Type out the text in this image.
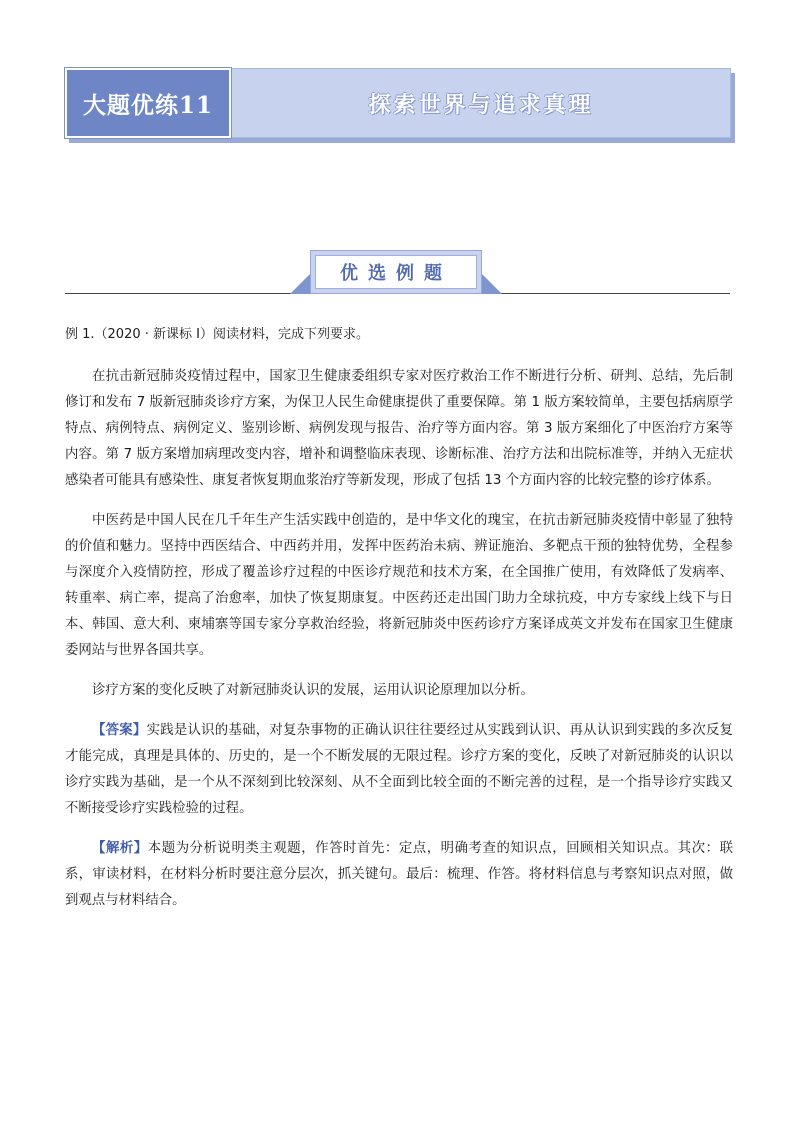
大题优练11	探索世界与追求真理
优选例题

例 1.（2020 · 新课标 I）阅读材料，完成下列要求。

在抗击新冠肺炎疫情过程中，国家卫生健康委组织专家对医疗救治工作不断进行分析、研判、总结，先后制修订和发布 7 版新冠肺炎诊疗方案，为保卫人民生命健康提供了重要保障。第 1 版方案较简单，主要包括病原学特点、病例特点、病例定义、鉴别诊断、病例发现与报告、治疗等方面内容。第 3 版方案细化了中医治疗方案等内容。第 7 版方案增加病理改变内容，增补和调整临床表现、诊断标准、治疗方法和出院标准等，并纳入无症状感染者可能具有感染性、康复者恢复期血浆治疗等新发现，形成了包括 13 个方面内容的比较完整的诊疗体系。

中医药是中国人民在几千年生产生活实践中创造的，是中华文化的瑰宝，在抗击新冠肺炎疫情中彰显了独特的价值和魅力。坚持中西医结合、中西药并用，发挥中医药治未病、辨证施治、多靶点干预的独特优势，全程参与深度介入疫情防控，形成了覆盖诊疗过程的中医诊疗规范和技术方案，在全国推广使用，有效降低了发病率、转重率、病亡率，提高了治愈率，加快了恢复期康复。中医药还走出国门助力全球抗疫，中方专家线上线下与日本、韩国、意大利、柬埔寨等国专家分享救治经验，将新冠肺炎中医药诊疗方案译成英文并发布在国家卫生健康委网站与世界各国共享。

诊疗方案的变化反映了对新冠肺炎认识的发展，运用认识论原理加以分析。

【答案】实践是认识的基础，对复杂事物的正确认识往往要经过从实践到认识、再从认识到实践的多次反复才能完成，真理是具体的、历史的，是一个不断发展的无限过程。诊疗方案的变化，反映了对新冠肺炎的认识以诊疗实践为基础，是一个从不深刻到比较深刻、从不全面到比较全面的不断完善的过程，是一个指导诊疗实践又不断接受诊疗实践检验的过程。

【解析】本题为分析说明类主观题，作答时首先：定点，明确考查的知识点，回顾相关知识点。其次：联系，审读材料，在材料分析时要注意分层次，抓关键句。最后：梳理、作答。将材料信息与考察知识点对照，做到观点与材料结合。
